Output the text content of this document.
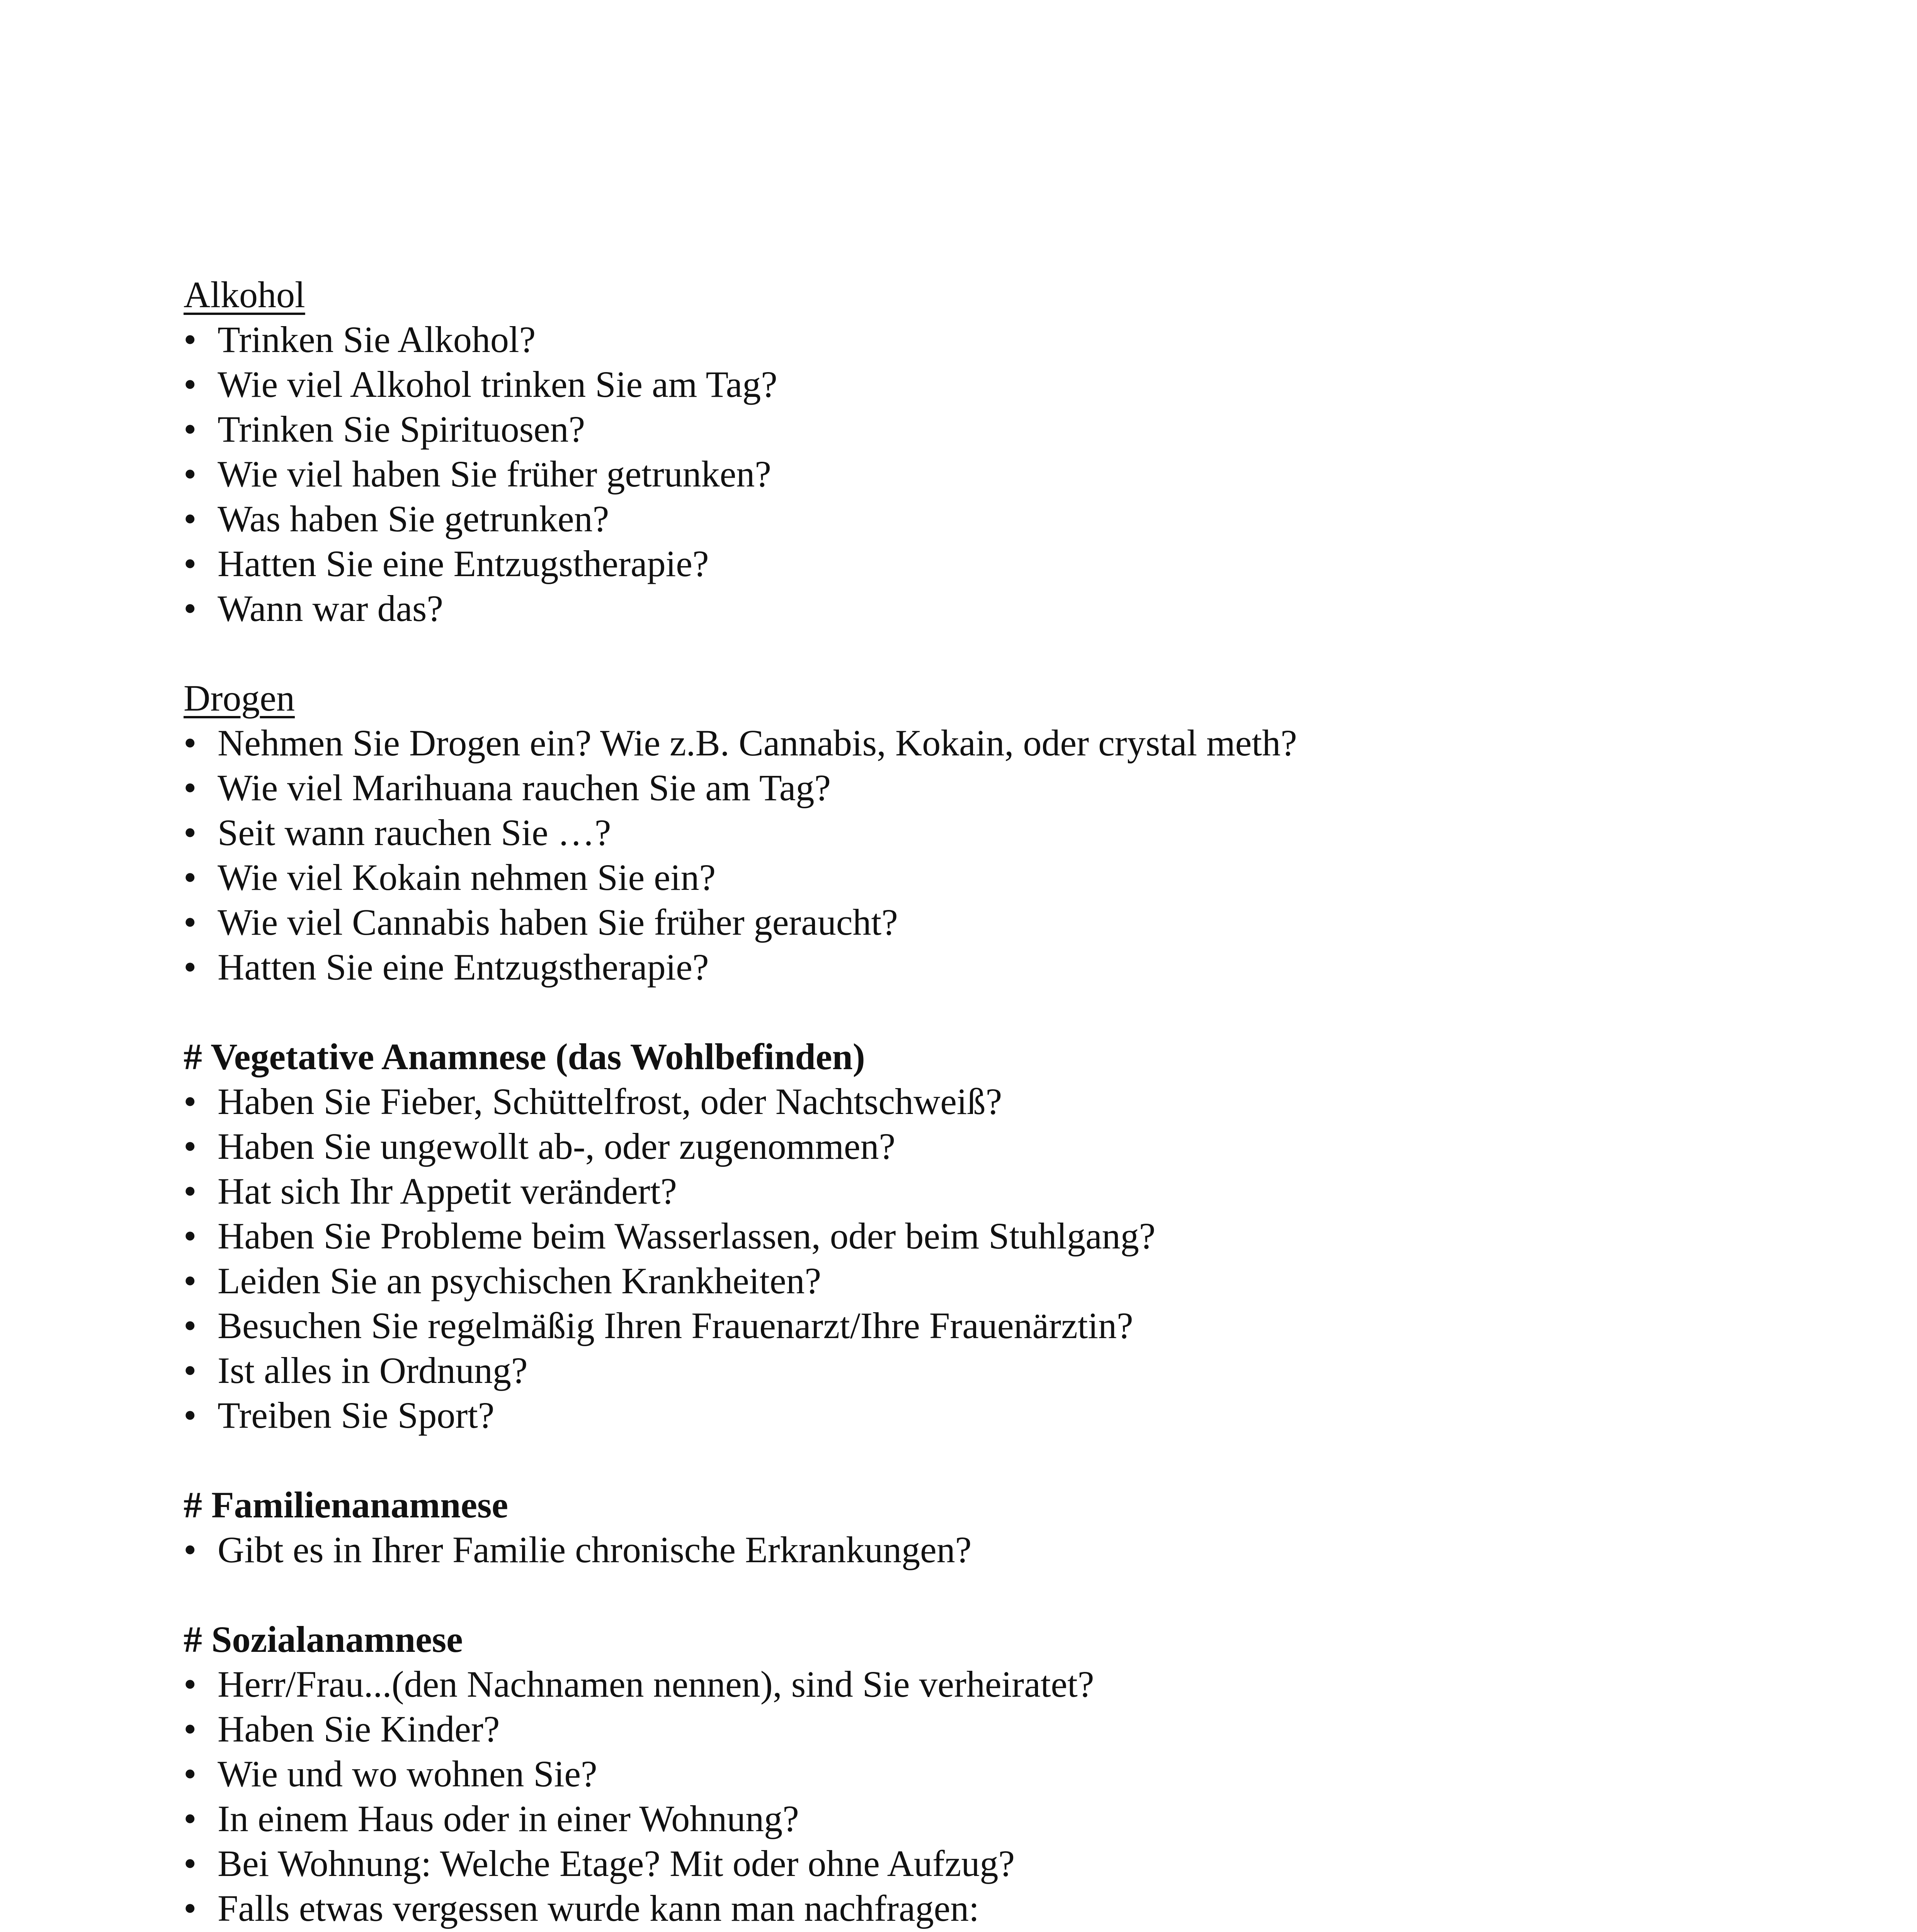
Alkohol
• Trinken Sie Alkohol?
• Wie viel Alkohol trinken Sie am Tag?
• Trinken Sie Spirituosen?
• Wie viel haben Sie früher getrunken?
• Was haben Sie getrunken?
• Hatten Sie eine Entzugstherapie?
• Wann war das?
Drogen
• Nehmen Sie Drogen ein? Wie z.B. Cannabis, Kokain, oder crystal meth?
• Wie viel Marihuana rauchen Sie am Tag?
• Seit wann rauchen Sie …?
• Wie viel Kokain nehmen Sie ein?
• Wie viel Cannabis haben Sie früher geraucht?
• Hatten Sie eine Entzugstherapie?
# Vegetative Anamnese (das Wohlbefinden)
• Haben Sie Fieber, Schüttelfrost, oder Nachtschweiß?
• Haben Sie ungewollt ab-, oder zugenommen?
• Hat sich Ihr Appetit verändert?
• Haben Sie Probleme beim Wasserlassen, oder beim Stuhlgang?
• Leiden Sie an psychischen Krankheiten?
• Besuchen Sie regelmäßig Ihren Frauenarzt/Ihre Frauenärztin?
• Ist alles in Ordnung?
• Treiben Sie Sport?
# Familienanamnese
• Gibt es in Ihrer Familie chronische Erkrankungen?
# Sozialanamnese
• Herr/Frau...(den Nachnamen nennen), sind Sie verheiratet?
• Haben Sie Kinder?
• Wie und wo wohnen Sie?
• In einem Haus oder in einer Wohnung?
• Bei Wohnung: Welche Etage? Mit oder ohne Aufzug?
• Falls etwas vergessen wurde kann man nachfragen:
